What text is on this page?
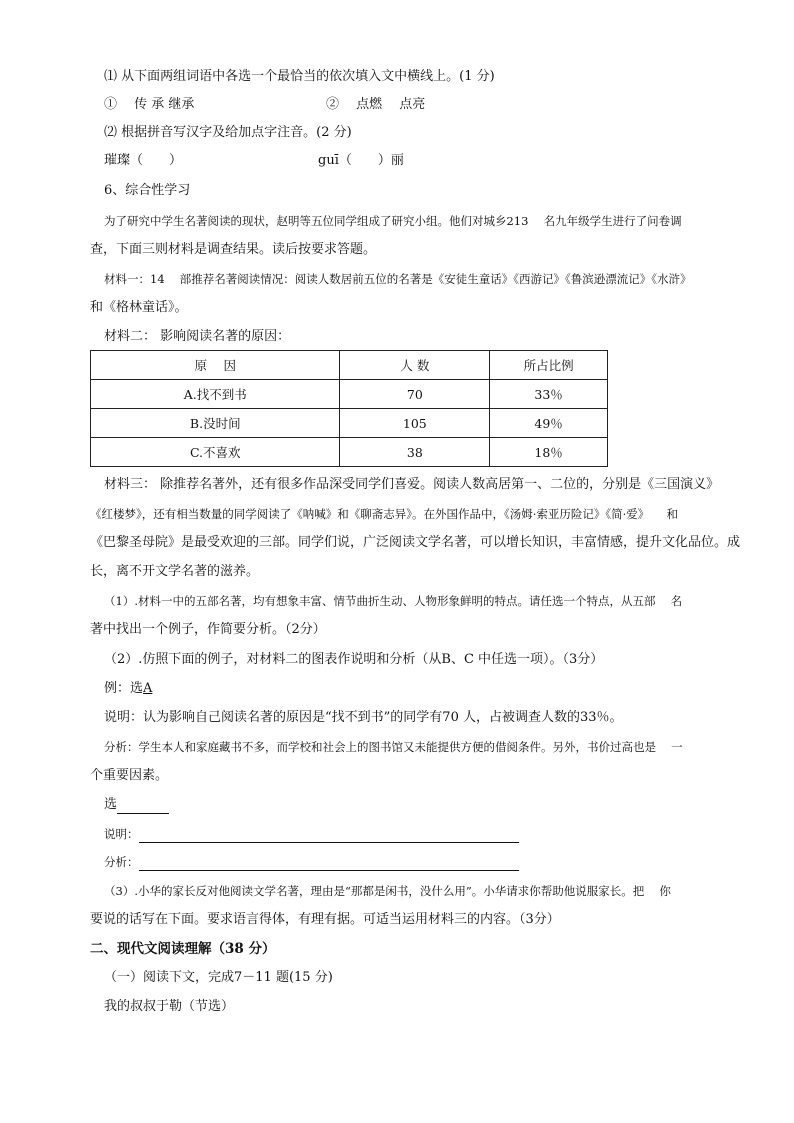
⑴ 从下面两组词语中各选一个最恰当的依次填入文中横线上。(1 分)
①　 传 承 继承	②　 点燃　 点亮
⑵ 根据拼音写汉字及给加点字注音。(2 分)
璀璨（　　）	guī（　　）丽
6、综合性学习
为了研究中学生名著阅读的现状，赵明等五位同学组成了研究小组。他们对城乡213　 名九年级学生进行了问卷调
查，下面三则材料是调查结果。读后按要求答题。
材料一：14　 部推荐名著阅读情况：阅读人数居前五位的名著是《安徒生童话》《西游记》《鲁滨逊漂流记》《水浒》
和《格林童话》。
材料二： 影响阅读名著的原因：
原　 因	人 数	所占比例
A.找不到书	70	33％
B.没时间	105	49％
C.不喜欢	38	18％
材料三： 除推荐名著外，还有很多作品深受同学们喜爱。阅读人数高居第一、二位的，分别是《三国演义》
《红楼梦》，还有相当数量的同学阅读了《呐喊》和《聊斋志异》。在外国作品中，《汤姆·索亚历险记》《简·爱》　　和
《巴黎圣母院》是最受欢迎的三部。同学们说，广泛阅读文学名著，可以增长知识，丰富情感，提升文化品位。成
长，离不开文学名著的滋养。
（1）.材料一中的五部名著，均有想象丰富、情节曲折生动、人物形象鲜明的特点。请任选一个特点，从五部　 名
著中找出一个例子，作简要分析。（2分）
（2）.仿照下面的例子，对材料二的图表作说明和分析（从B、C 中任选一项）。（3分）
例：选A
说明：认为影响自己阅读名著的原因是“找不到书”的同学有70 人，占被调查人数的33％。
分析：学生本人和家庭藏书不多，而学校和社会上的图书馆又未能提供方便的借阅条件。另外，书价过高也是　 一
个重要因素。
选
说明：
分析：
（3）.小华的家长反对他阅读文学名著，理由是“那都是闲书，没什么用”。小华请求你帮助他说服家长。把　 你
要说的话写在下面。要求语言得体，有理有据。可适当运用材料三的内容。（3分）
二、现代文阅读理解（38 分）
（一）阅读下文，完成7－11 题(15 分)
我的叔叔于勒（节选）
